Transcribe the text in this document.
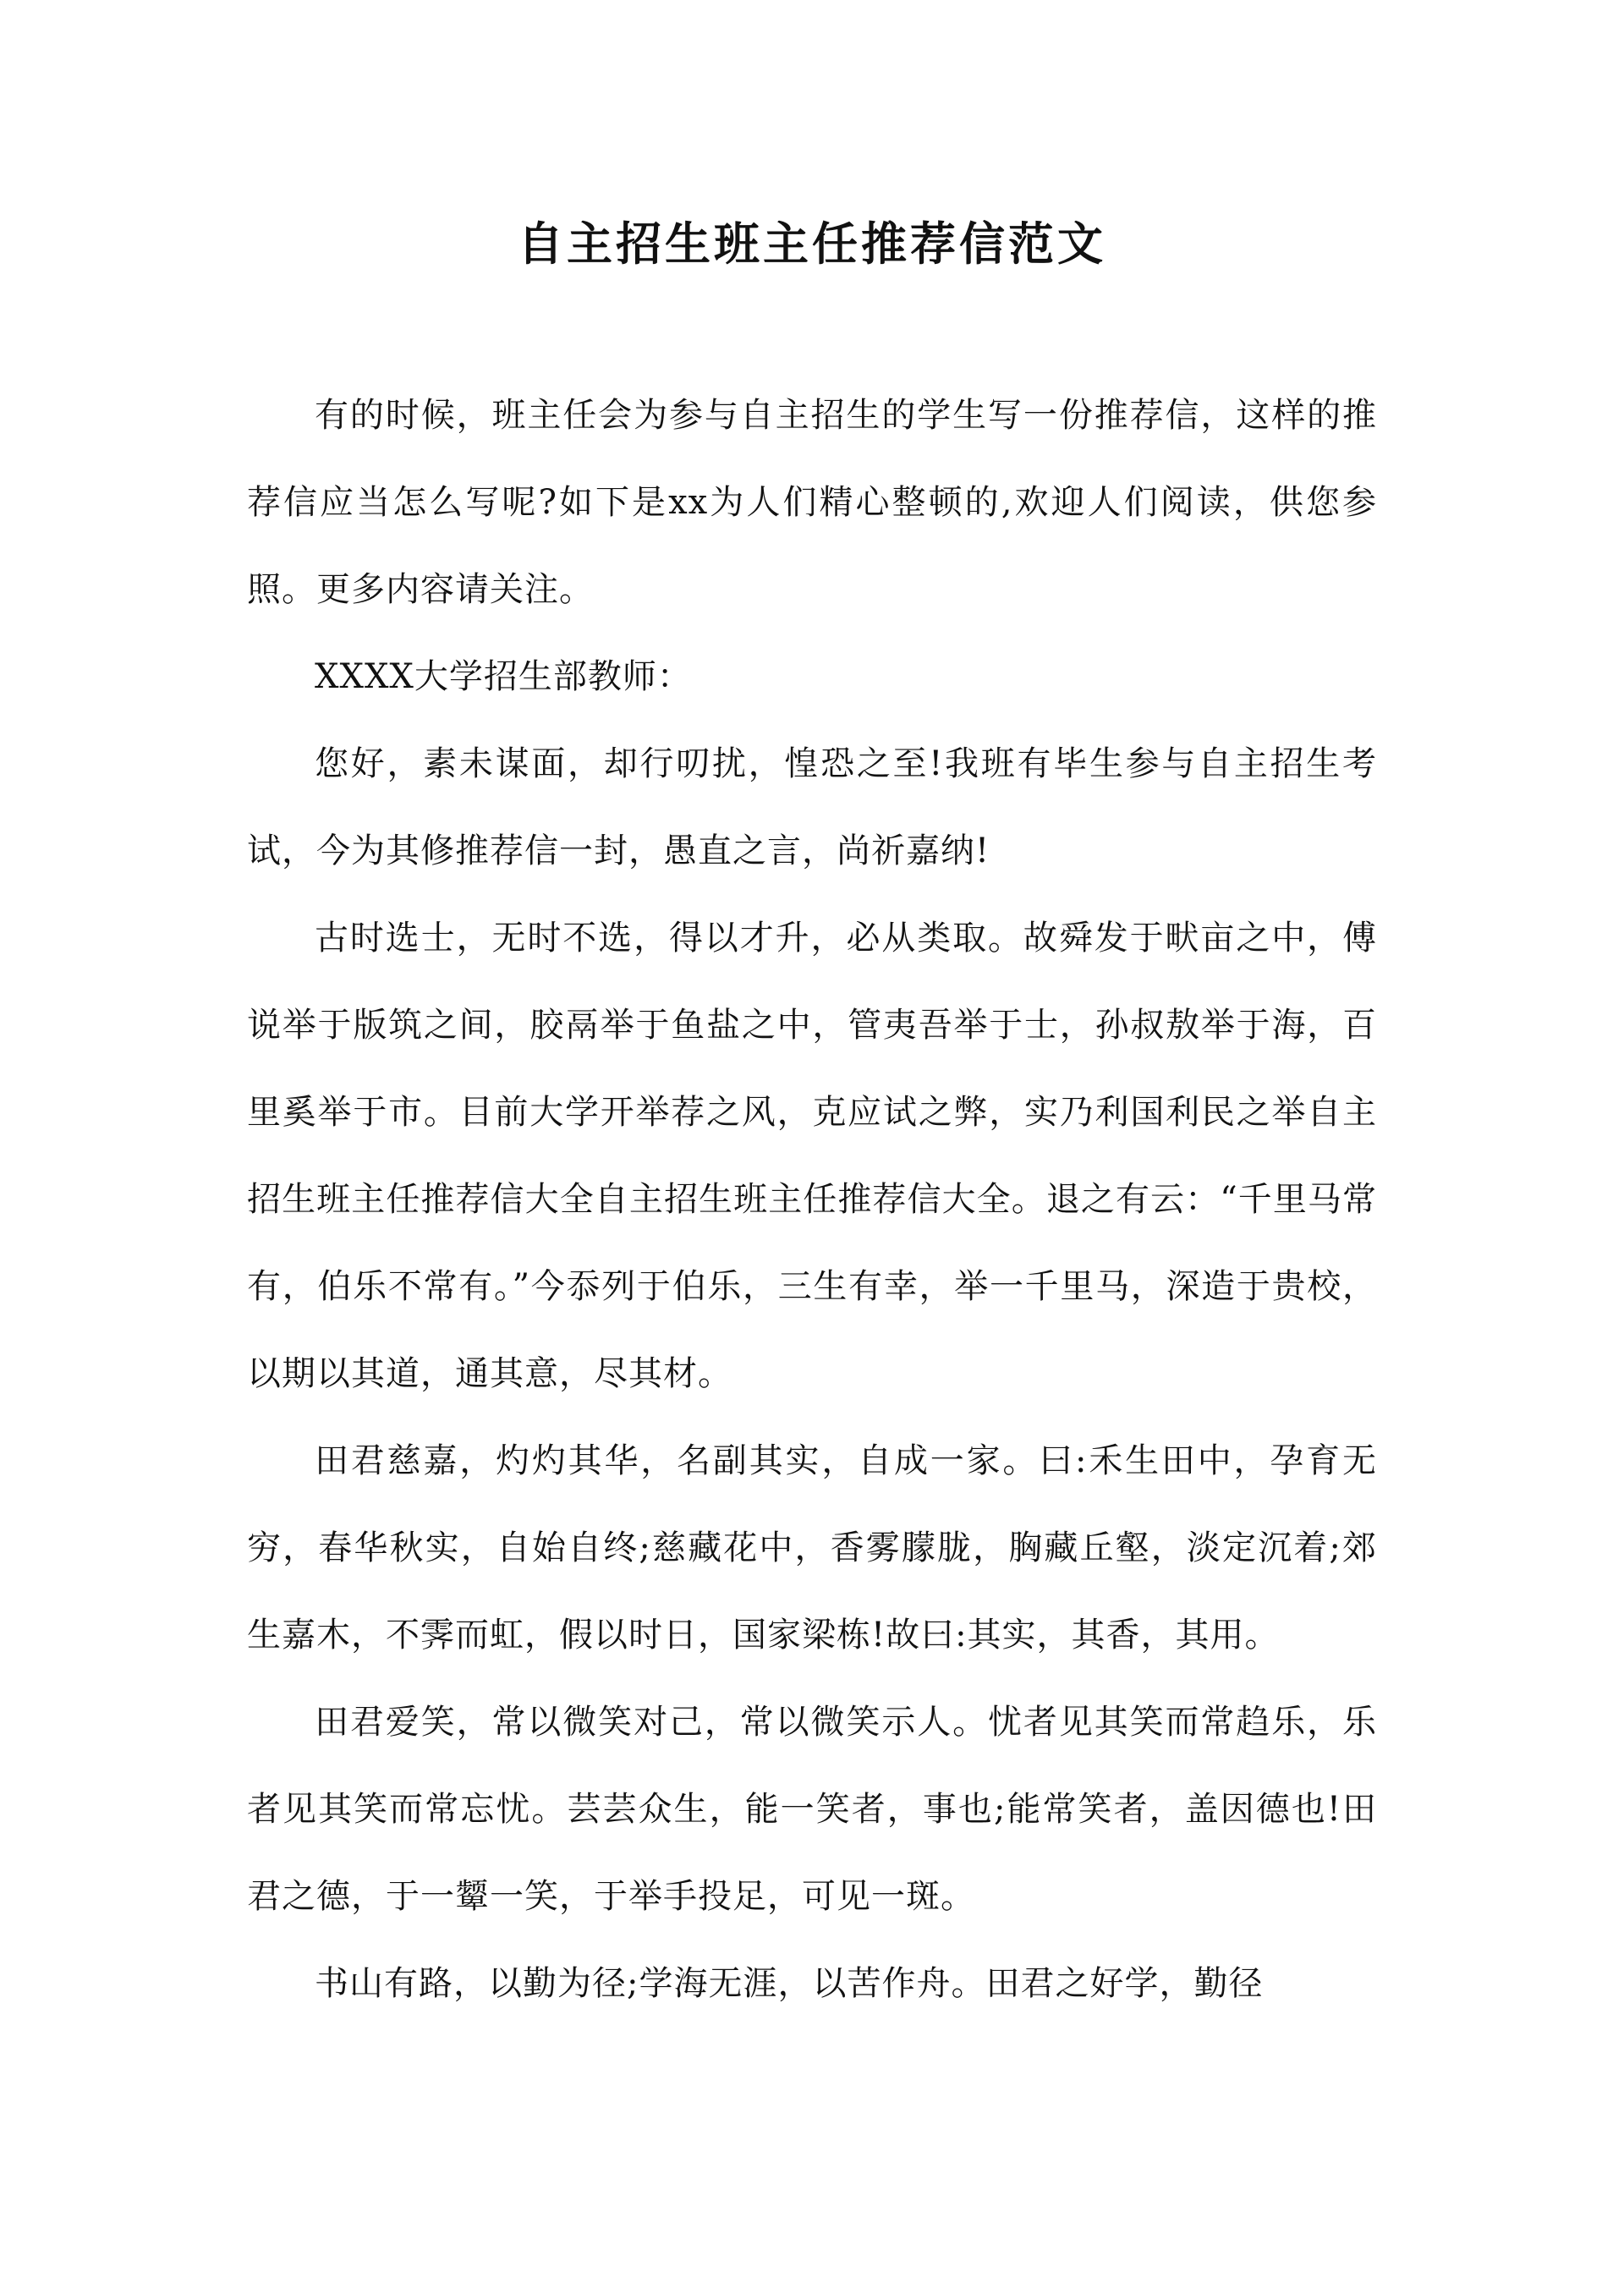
自主招生班主任推荐信范文

有的时候，班主任会为参与自主招生的学生写一份推荐信，这样的推荐信应当怎么写呢?如下是xx为人们精心整顿的,欢迎人们阅读，供您参照。更多内容请关注。

XXXX大学招生部教师：

您好，素未谋面，却行叨扰，惶恐之至!我班有毕生参与自主招生考试，今为其修推荐信一封，愚直之言，尚祈嘉纳!

古时选士，无时不选，得以才升，必从类取。故舜发于畎亩之中，傅说举于版筑之间，胶鬲举于鱼盐之中，管夷吾举于士，孙叔敖举于海，百里奚举于市。目前大学开举荐之风，克应试之弊，实乃利国利民之举自主招生班主任推荐信大全自主招生班主任推荐信大全。退之有云：“千里马常有，伯乐不常有。”今忝列于伯乐，三生有幸，举一千里马，深造于贵校，以期以其道，通其意，尽其材。

田君慈嘉，灼灼其华，名副其实，自成一家。曰:禾生田中，孕育无穷，春华秋实，自始自终;慈藏花中，香雾朦胧，胸藏丘壑，淡定沉着;郊生嘉木，不霁而虹，假以时日，国家梁栋!故曰:其实，其香，其用。

田君爱笑，常以微笑对己，常以微笑示人。忧者见其笑而常趋乐，乐者见其笑而常忘忧。芸芸众生，能一笑者，事也;能常笑者，盖因德也!田君之德，于一颦一笑，于举手投足，可见一斑。

书山有路，以勤为径;学海无涯，以苦作舟。田君之好学，勤径
